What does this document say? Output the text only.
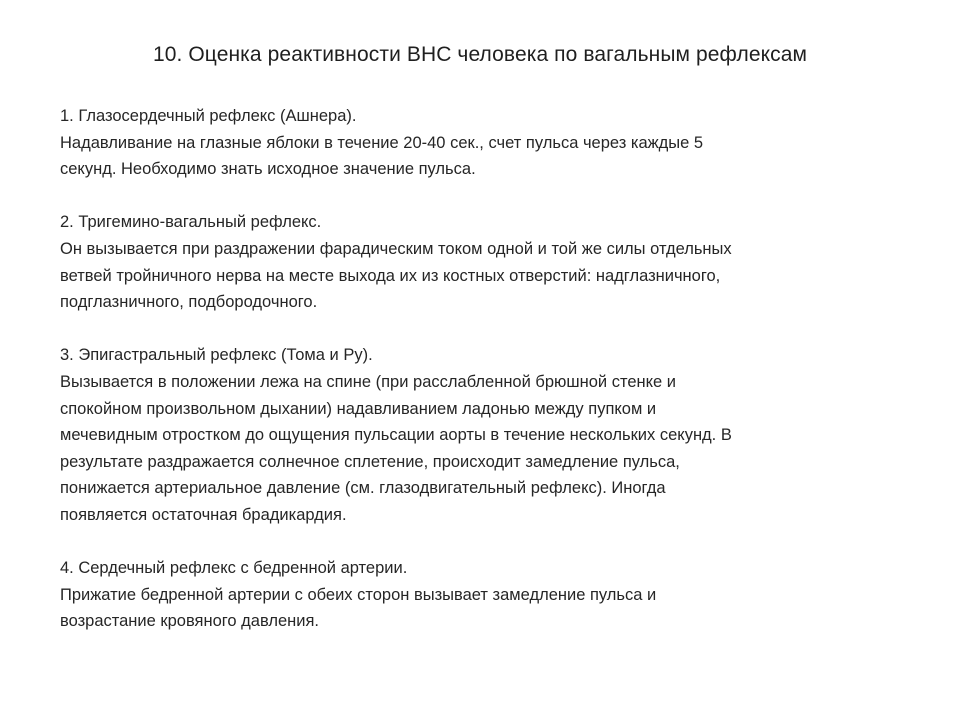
10. Оценка реактивности ВНС человека по вагальным рефлексам
1. Глазосердечный рефлекс (Ашнера).
Надавливание на глазные яблоки в течение 20-40 сек., счет пульса через каждые 5
секунд. Необходимо знать исходное значение пульса.
2. Тригемино-вагальный рефлекс.
Он вызывается при раздражении фарадическим током одной и той же силы отдельных
ветвей тройничного нерва на месте выхода их из костных отверстий: надглазничного,
подглазничного, подбородочного.
3. Эпигастральный рефлекс (Тома и Ру).
Вызывается в положении лежа на спине (при расслабленной брюшной стенке и
спокойном произвольном дыхании) надавливанием ладонью между пупком и
мечевидным отростком до ощущения пульсации аорты в течение нескольких секунд. В
результате раздражается солнечное сплетение, происходит замедление пульса,
понижается артериальное давление (см. глазодвигательный рефлекс). Иногда
появляется остаточная брадикардия.
4. Сердечный рефлекс с бедренной артерии.
Прижатие бедренной артерии с обеих сторон вызывает замедление пульса и
возрастание кровяного давления.
